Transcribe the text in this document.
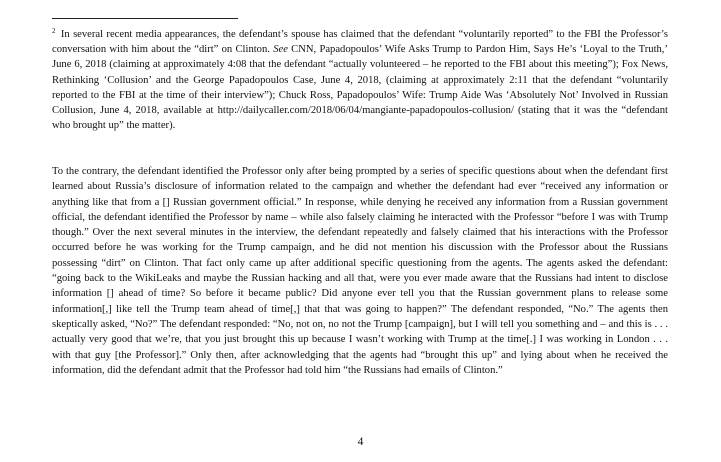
$^2$ In several recent media appearances, the defendant’s spouse has claimed that the defendant “voluntarily reported” to the FBI the Professor’s conversation with him about the “dirt” on Clinton. See CNN, Papadopoulos’ Wife Asks Trump to Pardon Him, Says He’s ‘Loyal to the Truth,’ June 6, 2018 (claiming at approximately 4:08 that the defendant “actually volunteered – he reported to the FBI about this meeting”); Fox News, Rethinking ‘Collusion’ and the George Papadopoulos Case, June 4, 2018, (claiming at approximately 2:11 that the defendant “voluntarily reported to the FBI at the time of their interview”); Chuck Ross, Papadopoulos’ Wife: Trump Aide Was ‘Absolutely Not’ Involved in Russian Collusion, June 4, 2018, available at http://dailycaller.com/2018/06/04/mangiante-papadopoulos-collusion/ (stating that it was the “defendant who brought up” the matter).
To the contrary, the defendant identified the Professor only after being prompted by a series of specific questions about when the defendant first learned about Russia’s disclosure of information related to the campaign and whether the defendant had ever “received any information or anything like that from a [] Russian government official.” In response, while denying he received any information from a Russian government official, the defendant identified the Professor by name – while also falsely claiming he interacted with the Professor “before I was with Trump though.” Over the next several minutes in the interview, the defendant repeatedly and falsely claimed that his interactions with the Professor occurred before he was working for the Trump campaign, and he did not mention his discussion with the Professor about the Russians possessing “dirt” on Clinton. That fact only came up after additional specific questioning from the agents. The agents asked the defendant: “going back to the WikiLeaks and maybe the Russian hacking and all that, were you ever made aware that the Russians had intent to disclose information [] ahead of time? So before it became public? Did anyone ever tell you that the Russian government plans to release some information[,] like tell the Trump team ahead of time[,] that that was going to happen?” The defendant responded, “No.” The agents then skeptically asked, “No?” The defendant responded: “No, not on, no not the Trump [campaign], but I will tell you something and – and this is . . . actually very good that we’re, that you just brought this up because I wasn’t working with Trump at the time[.] I was working in London . . . with that guy [the Professor].” Only then, after acknowledging that the agents had “brought this up” and lying about when he received the information, did the defendant admit that the Professor had told him “the Russians had emails of Clinton.”
4
